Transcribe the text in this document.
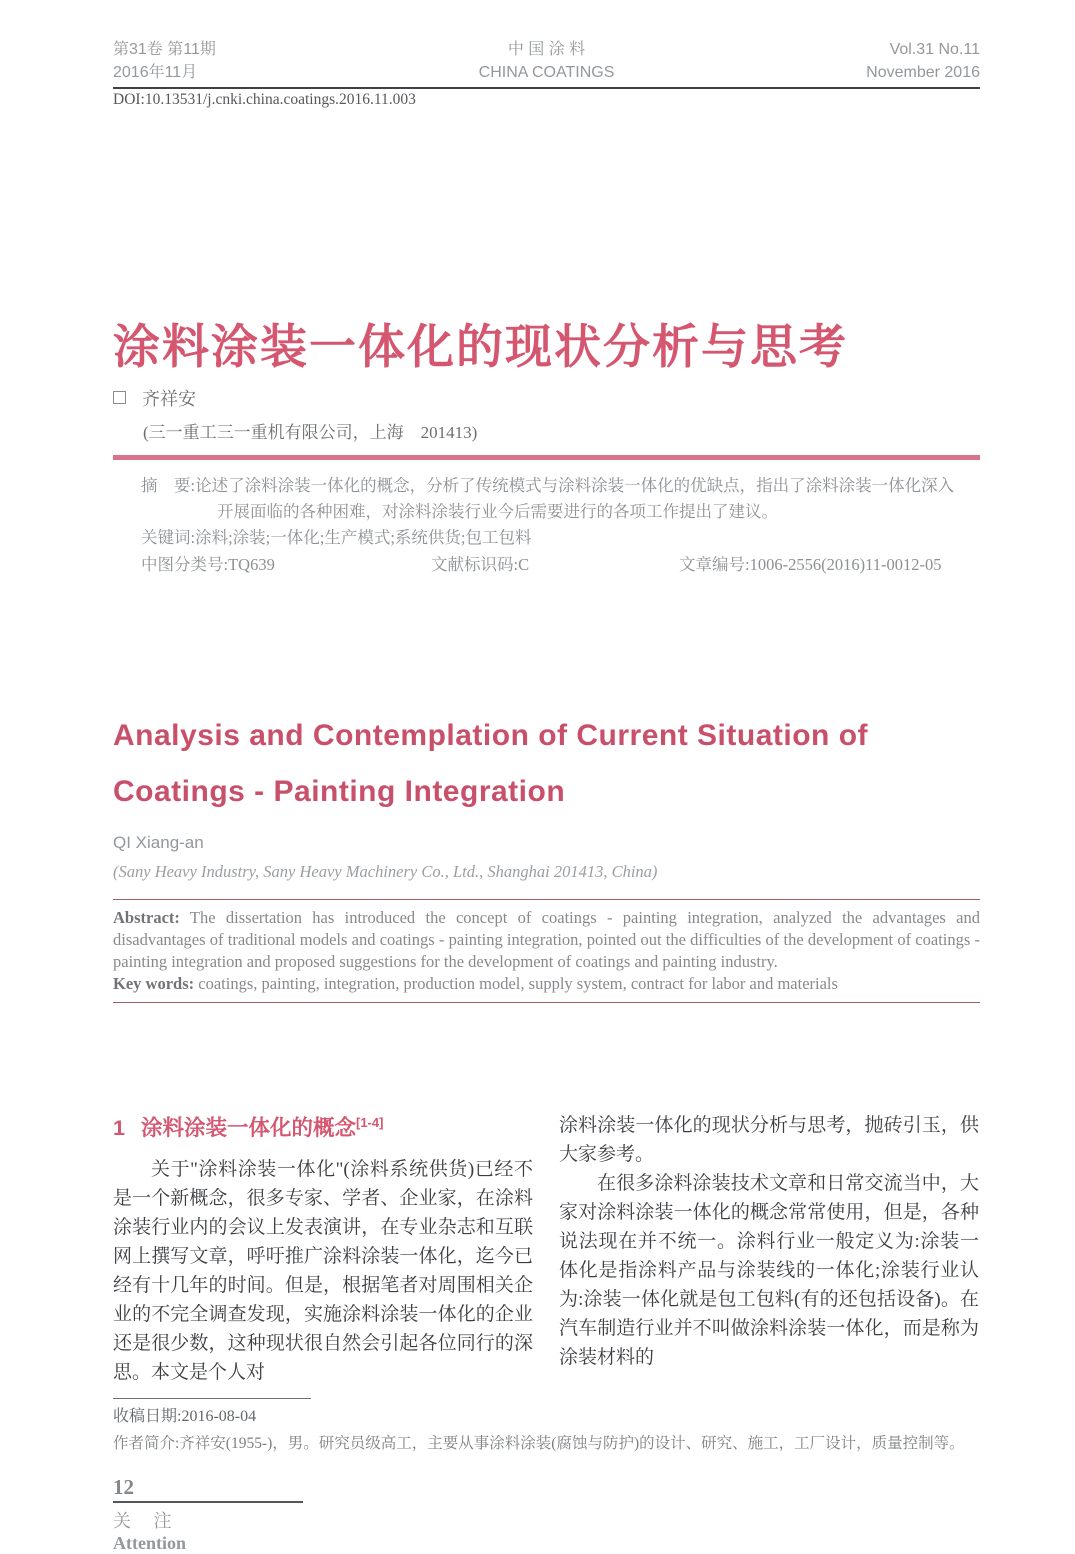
第31卷 第11期
2016年11月
中 国 涂 料
CHINA COATINGS
Vol.31 No.11
November 2016
DOI:10.13531/j.cnki.china.coatings.2016.11.003
涂料涂装一体化的现状分析与思考
齐祥安
(三一重工三一重机有限公司，上海　201413)

摘　要:论述了涂料涂装一体化的概念，分析了传统模式与涂料涂装一体化的优缺点，指出了涂料涂装一体化深入开展面临的各种困难，对涂料涂装行业今后需要进行的各项工作提出了建议。

关键词:涂料;涂装;一体化;生产模式;系统供货;包工包料

中图分类号:TQ639	文献标识码:C	文章编号:1006-2556(2016)11-0012-05

Analysis and Contemplation of Current Situation of
Coatings - Painting Integration
QI Xiang-an
(Sany Heavy Industry, Sany Heavy Machinery Co., Ltd., Shanghai 201413, China)

Abstract: The dissertation has introduced the concept of coatings - painting integration, analyzed the advantages and disadvantages of traditional models and coatings - painting integration, pointed out the difficulties of the development of coatings - painting integration and proposed suggestions for the development of coatings and painting industry.

Key words: coatings, painting, integration, production model, supply system, contract for labor and materials

1 涂料涂装一体化的概念[1-4]

关于"涂料涂装一体化"(涂料系统供货)已经不是一个新概念，很多专家、学者、企业家，在涂料涂装行业内的会议上发表演讲，在专业杂志和互联网上撰写文章，呼吁推广涂料涂装一体化，迄今已经有十几年的时间。但是，根据笔者对周围相关企业的不完全调查发现，实施涂料涂装一体化的企业还是很少数，这种现状很自然会引起各位同行的深思。本文是个人对

涂料涂装一体化的现状分析与思考，抛砖引玉，供大家参考。

在很多涂料涂装技术文章和日常交流当中，大家对涂料涂装一体化的概念常常使用，但是，各种说法现在并不统一。涂料行业一般定义为:涂装一体化是指涂料产品与涂装线的一体化;涂装行业认为:涂装一体化就是包工包料(有的还包括设备)。在汽车制造行业并不叫做涂料涂装一体化，而是称为涂装材料的

收稿日期:2016-08-04
作者简介:齐祥安(1955-)，男。研究员级高工，主要从事涂料涂装(腐蚀与防护)的设计、研究、施工，工厂设计，质量控制等。
12
关 注
Attention
